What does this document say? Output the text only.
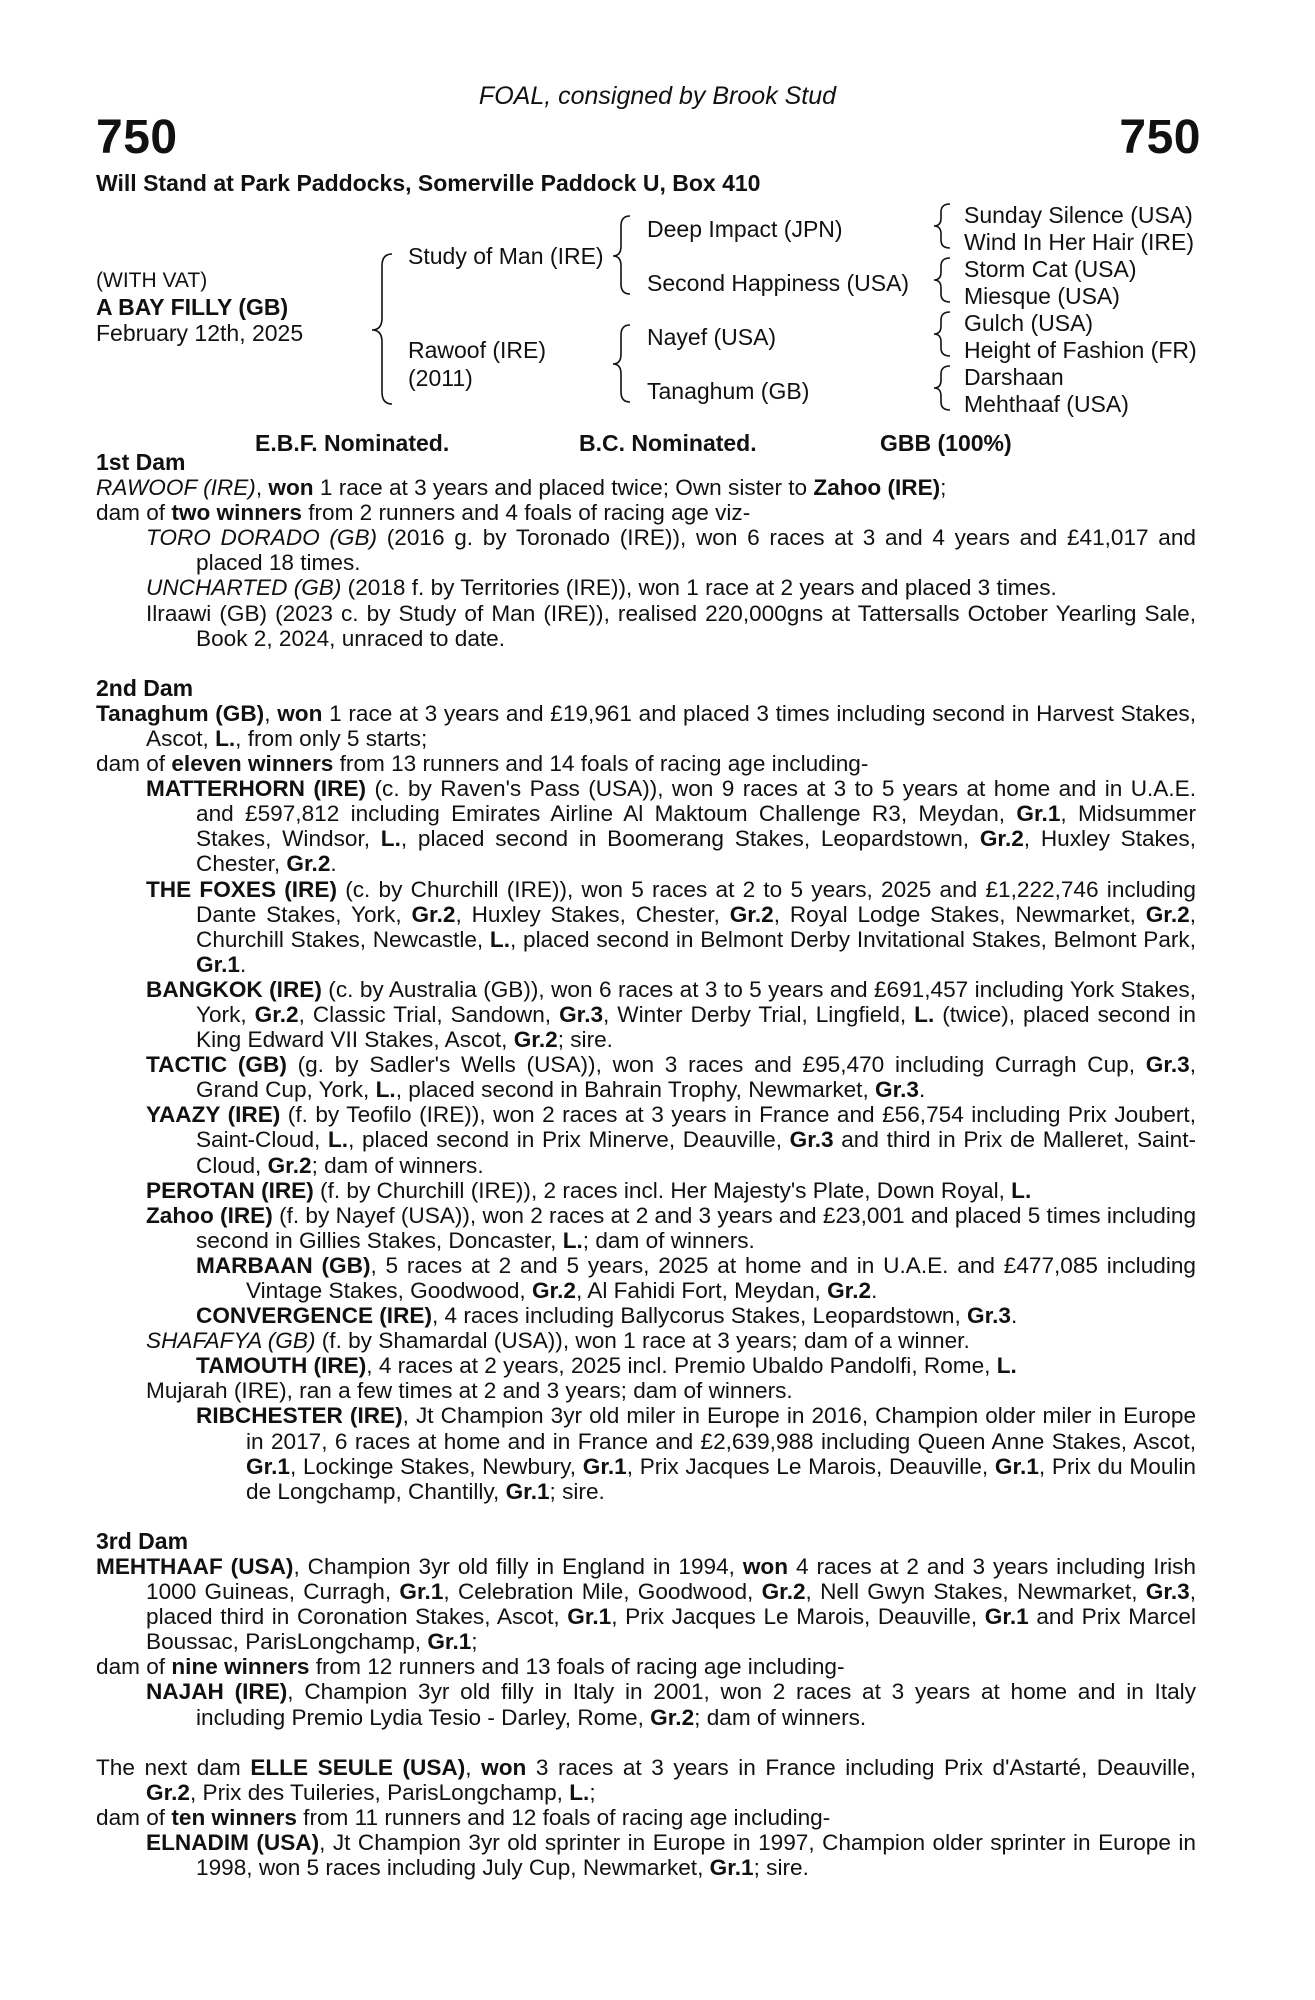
FOAL, consigned by Brook Stud
750	750
Will Stand at Park Paddocks, Somerville Paddock U, Box 410
(WITH VAT)
A BAY FILLY (GB)
February 12th, 2025
Study of Man (IRE)
Rawoof (IRE)
(2011)
Deep Impact (JPN)
Second Happiness (USA)
Nayef (USA)
Tanaghum (GB)
Sunday Silence (USA)
Wind In Her Hair (IRE)
Storm Cat (USA)
Miesque (USA)
Gulch (USA)
Height of Fashion (FR)
Darshaan
Mehthaaf (USA)
E.B.F. Nominated.	B.C. Nominated.	GBB (100%)

1st Dam

RAWOOF (IRE), won 1 race at 3 years and placed twice; Own sister to Zahoo (IRE);

dam of two winners from 2 runners and 4 foals of racing age viz-

TORO DORADO (GB) (2016 g. by Toronado (IRE)), won 6 races at 3 and 4 years and £41,017 and placed 18 times.

UNCHARTED (GB) (2018 f. by Territories (IRE)), won 1 race at 2 years and placed 3 times.

Ilraawi (GB) (2023 c. by Study of Man (IRE)), realised 220,000gns at Tattersalls October Yearling Sale, Book 2, 2024, unraced to date.

2nd Dam

Tanaghum (GB), won 1 race at 3 years and £19,961 and placed 3 times including second in Harvest Stakes, Ascot, L., from only 5 starts;

dam of eleven winners from 13 runners and 14 foals of racing age including-

MATTERHORN (IRE) (c. by Raven's Pass (USA)), won 9 races at 3 to 5 years at home and in U.A.E. and £597,812 including Emirates Airline Al Maktoum Challenge R3, Meydan, Gr.1, Midsummer Stakes, Windsor, L., placed second in Boomerang Stakes, Leopardstown, Gr.2, Huxley Stakes, Chester, Gr.2.

THE FOXES (IRE) (c. by Churchill (IRE)), won 5 races at 2 to 5 years, 2025 and £1,222,746 including Dante Stakes, York, Gr.2, Huxley Stakes, Chester, Gr.2, Royal Lodge Stakes, Newmarket, Gr.2, Churchill Stakes, Newcastle, L., placed second in Belmont Derby Invitational Stakes, Belmont Park, Gr.1.

BANGKOK (IRE) (c. by Australia (GB)), won 6 races at 3 to 5 years and £691,457 including York Stakes, York, Gr.2, Classic Trial, Sandown, Gr.3, Winter Derby Trial, Lingfield, L. (twice), placed second in King Edward VII Stakes, Ascot, Gr.2; sire.

TACTIC (GB) (g. by Sadler's Wells (USA)), won 3 races and £95,470 including Curragh Cup, Gr.3, Grand Cup, York, L., placed second in Bahrain Trophy, Newmarket, Gr.3.

YAAZY (IRE) (f. by Teofilo (IRE)), won 2 races at 3 years in France and £56,754 including Prix Joubert, Saint-Cloud, L., placed second in Prix Minerve, Deauville, Gr.3 and third in Prix de Malleret, Saint-Cloud, Gr.2; dam of winners.

PEROTAN (IRE) (f. by Churchill (IRE)), 2 races incl. Her Majesty's Plate, Down Royal, L.

Zahoo (IRE) (f. by Nayef (USA)), won 2 races at 2 and 3 years and £23,001 and placed 5 times including second in Gillies Stakes, Doncaster, L.; dam of winners.

MARBAAN (GB), 5 races at 2 and 5 years, 2025 at home and in U.A.E. and £477,085 including Vintage Stakes, Goodwood, Gr.2, Al Fahidi Fort, Meydan, Gr.2.

CONVERGENCE (IRE), 4 races including Ballycorus Stakes, Leopardstown, Gr.3.

SHAFAFYA (GB) (f. by Shamardal (USA)), won 1 race at 3 years; dam of a winner.

TAMOUTH (IRE), 4 races at 2 years, 2025 incl. Premio Ubaldo Pandolfi, Rome, L.

Mujarah (IRE), ran a few times at 2 and 3 years; dam of winners.

RIBCHESTER (IRE), Jt Champion 3yr old miler in Europe in 2016, Champion older miler in Europe in 2017, 6 races at home and in France and £2,639,988 including Queen Anne Stakes, Ascot, Gr.1, Lockinge Stakes, Newbury, Gr.1, Prix Jacques Le Marois, Deauville, Gr.1, Prix du Moulin de Longchamp, Chantilly, Gr.1; sire.

3rd Dam

MEHTHAAF (USA), Champion 3yr old filly in England in 1994, won 4 races at 2 and 3 years including Irish 1000 Guineas, Curragh, Gr.1, Celebration Mile, Goodwood, Gr.2, Nell Gwyn Stakes, Newmarket, Gr.3, placed third in Coronation Stakes, Ascot, Gr.1, Prix Jacques Le Marois, Deauville, Gr.1 and Prix Marcel Boussac, ParisLongchamp, Gr.1;

dam of nine winners from 12 runners and 13 foals of racing age including-

NAJAH (IRE), Champion 3yr old filly in Italy in 2001, won 2 races at 3 years at home and in Italy including Premio Lydia Tesio - Darley, Rome, Gr.2; dam of winners.

The next dam ELLE SEULE (USA), won 3 races at 3 years in France including Prix d'Astarté, Deauville, Gr.2, Prix des Tuileries, ParisLongchamp, L.;

dam of ten winners from 11 runners and 12 foals of racing age including-

ELNADIM (USA), Jt Champion 3yr old sprinter in Europe in 1997, Champion older sprinter in Europe in 1998, won 5 races including July Cup, Newmarket, Gr.1; sire.
